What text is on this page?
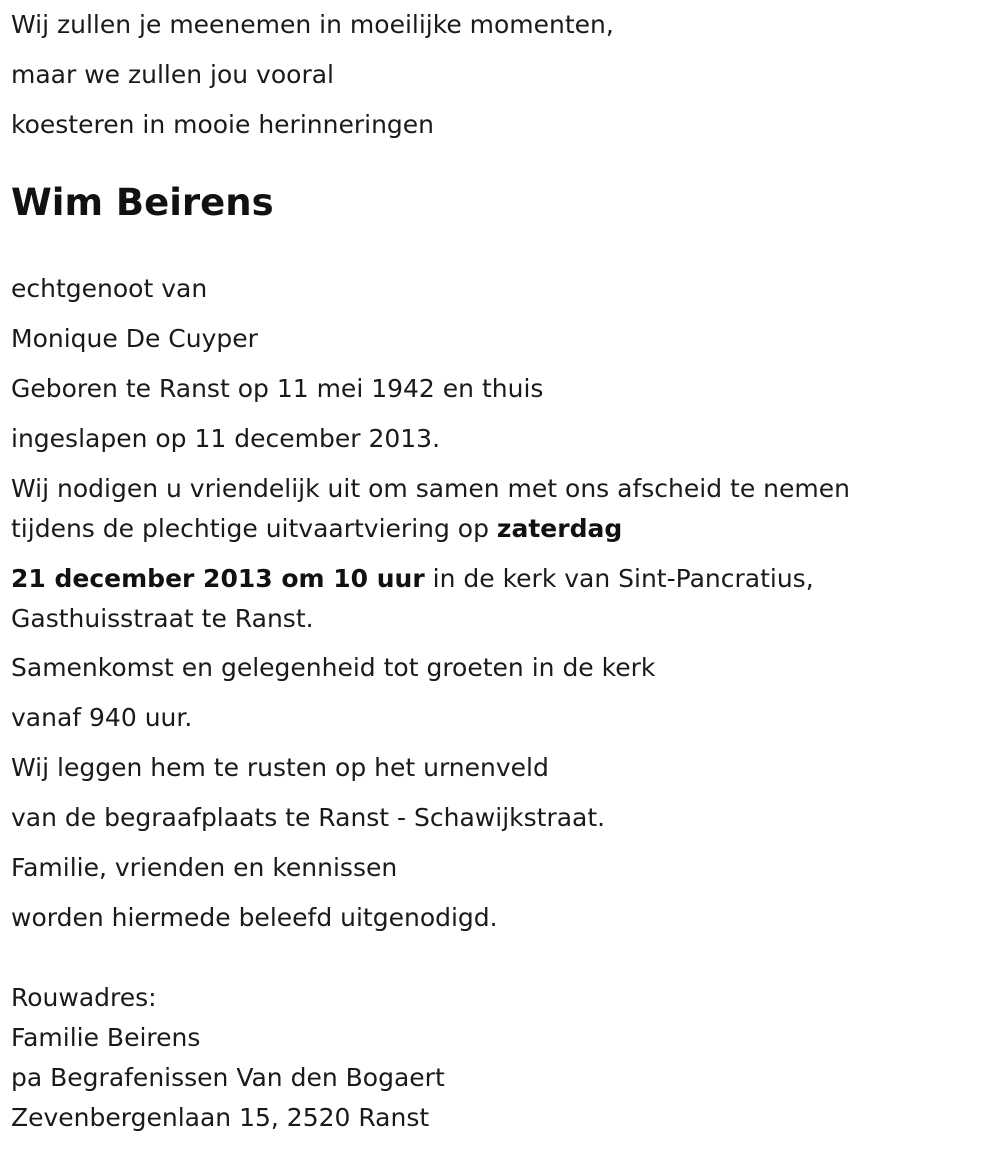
Wij zullen je meenemen in moeilijke momenten,

maar we zullen jou vooral

koesteren in mooie herinneringen

Wim Beirens

echtgenoot van

Monique De Cuyper

Geboren te Ranst op 11 mei 1942 en thuis

ingeslapen op 11 december 2013.

Wij nodigen u vriendelijk uit om samen met ons afscheid te nemen

tijdens de plechtige uitvaartviering op zaterdag

21 december 2013 om 10 uur in de kerk van Sint-Pancratius,

Gasthuisstraat te Ranst.

Samenkomst en gelegenheid tot groeten in de kerk

vanaf 940 uur.

Wij leggen hem te rusten op het urnenveld

van de begraafplaats te Ranst - Schawijkstraat.

Familie, vrienden en kennissen

worden hiermede beleefd uitgenodigd.

Rouwadres:

Familie Beirens

pa Begrafenissen Van den Bogaert

Zevenbergenlaan 15, 2520 Ranst
